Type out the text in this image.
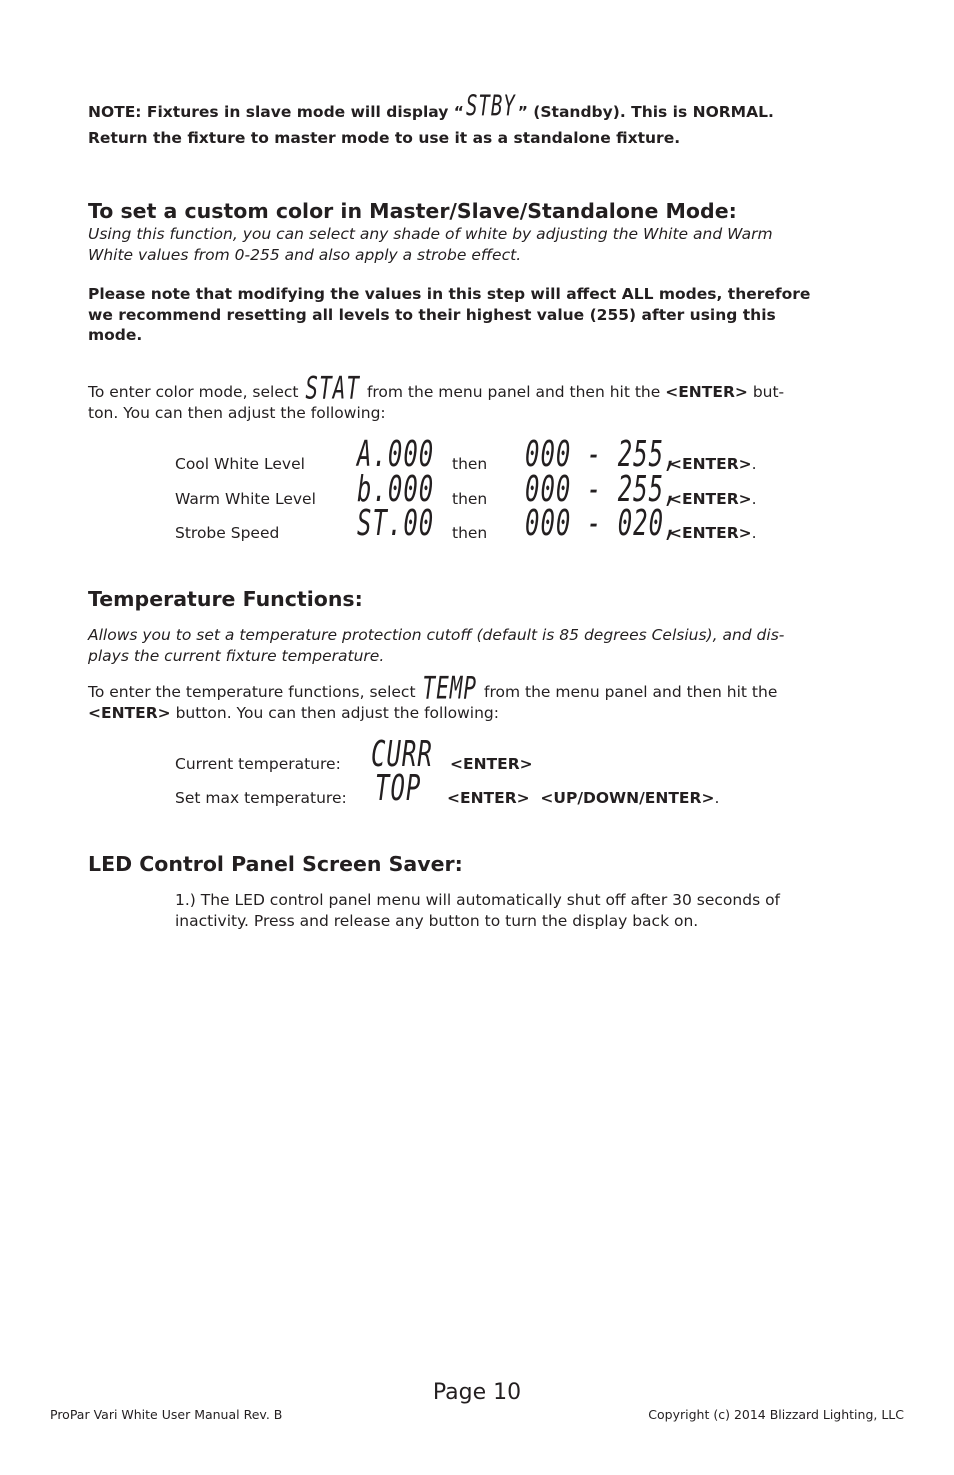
NOTE: Fixtures in slave mode will display “ STBY ” (Standby). This is NORMAL.
Return the fixture to master mode to use it as a standalone fixture.
To set a custom color in Master/Slave/Standalone Mode:
Using this function, you can select any shade of white by adjusting the White and Warm
White values from 0-255 and also apply a strobe effect.
Please note that modifying the values in this step will affect ALL modes, therefore
we recommend resetting all levels to their highest value (255) after using this
mode.
To enter color mode, select STAT from the menu panel and then hit the <ENTER> but-
ton. You can then adjust the following:
Cool White Level A.000 then 000 - 255,
<ENTER>.
Warm White Level b.000 then 000 - 255,
<ENTER>.
Strobe Speed	ST.00 then 000 - 020,
<ENTER>.
Temperature Functions:
Allows you to set a temperature protection cutoff (default is 85 degrees Celsius), and dis-
plays the current fixture temperature.
To enter the temperature functions, select TEMP from the menu panel and then hit the
<ENTER> button. You can then adjust the following:
Current temperature: CURR <ENTER>
Set max temperature: TOP <ENTER>  <UP/DOWN/ENTER>.
LED Control Panel Screen Saver:
1.) The LED control panel menu will automatically shut off after 30 seconds of
inactivity. Press and release any button to turn the display back on.
Page 10
ProPar Vari White User Manual Rev. B	Copyright (c) 2014 Blizzard Lighting, LLC
